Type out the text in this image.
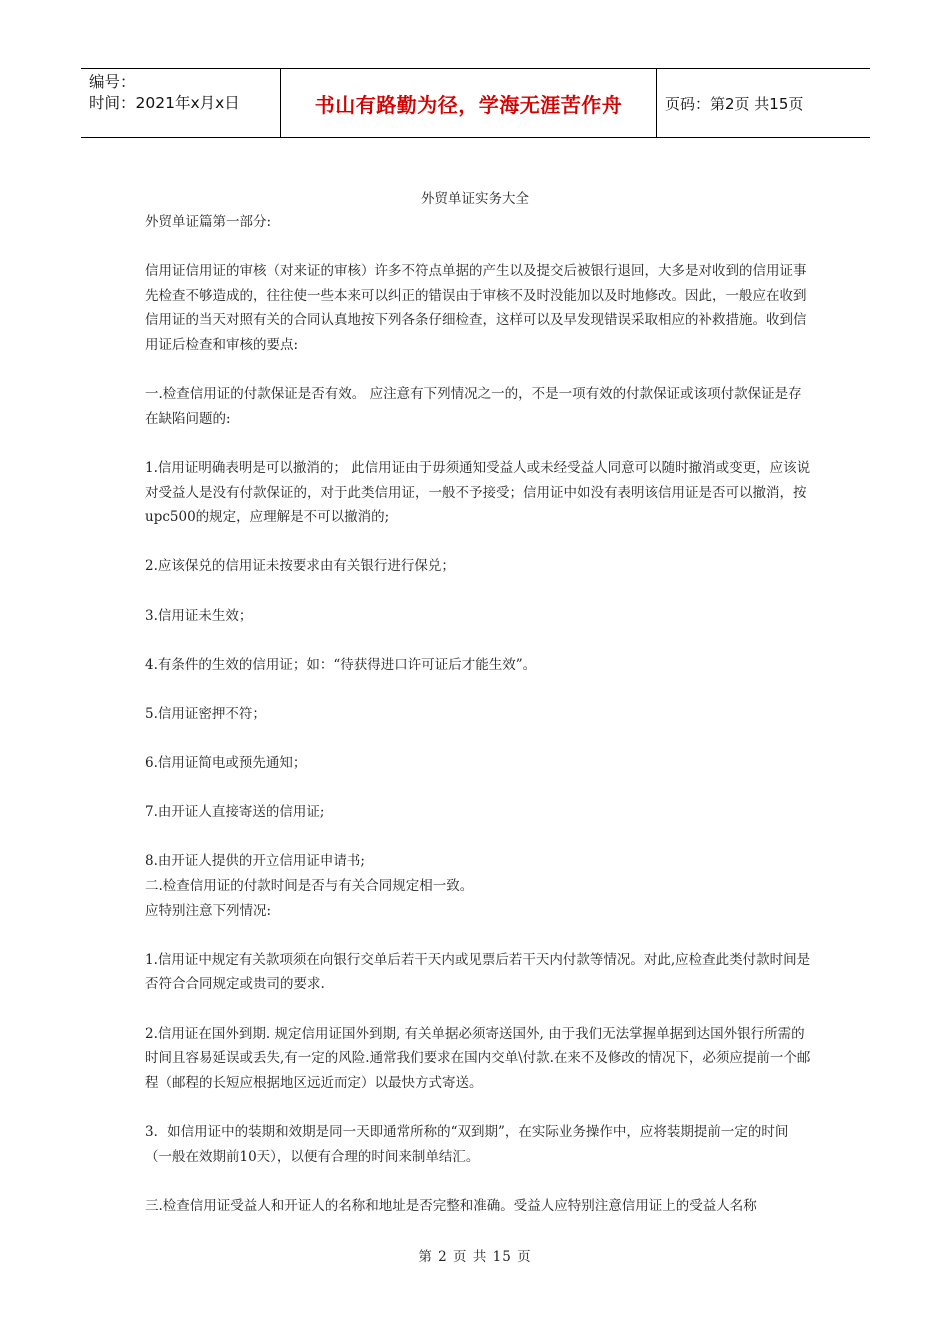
编号：
时间：2021年x月x日	书山有路勤为径，学海无涯苦作舟	页码：第2页 共15页
外贸单证实务大全

外贸单证篇第一部分:

信用证信用证的审核（对来证的审核）许多不符点单据的产生以及提交后被银行退回，大多是对收到的信用证事先检查不够造成的，往往使一些本来可以纠正的错误由于审核不及时没能加以及时地修改。因此，一般应在收到信用证的当天对照有关的合同认真地按下列各条仔细检查，这样可以及早发现错误采取相应的补救措施。收到信用证后检查和审核的要点:

一.检查信用证的付款保证是否有效。 应注意有下列情况之一的，不是一项有效的付款保证或该项付款保证是存在缺陷问题的:

1.信用证明确表明是可以撤消的； 此信用证由于毋须通知受益人或未经受益人同意可以随时撤消或变更，应该说对受益人是没有付款保证的，对于此类信用证，一般不予接受；信用证中如没有表明该信用证是否可以撤消，按 upc500的规定，应理解是不可以撤消的;

2.应该保兑的信用证未按要求由有关银行进行保兑；

3.信用证未生效；

4.有条件的生效的信用证；如：“待获得进口许可证后才能生效”。

5.信用证密押不符；

6.信用证简电或预先通知；

7.由开证人直接寄送的信用证;

8.由开证人提供的开立信用证申请书;

二.检查信用证的付款时间是否与有关合同规定相一致。

应特别注意下列情况:

1.信用证中规定有关款项须在向银行交单后若干天内或见票后若干天内付款等情况。对此,应检查此类付款时间是否符合合同规定或贵司的要求.

2.信用证在国外到期. 规定信用证国外到期, 有关单据必须寄送国外, 由于我们无法掌握单据到达国外银行所需的时间且容易延误或丢失,有一定的风险.通常我们要求在国内交单\付款.在来不及修改的情况下，必须应提前一个邮程（邮程的长短应根据地区远近而定）以最快方式寄送。

3．如信用证中的装期和效期是同一天即通常所称的“双到期”，在实际业务操作中，应将装期提前一定的时间（一般在效期前10天），以便有合理的时间来制单结汇。

三.检查信用证受益人和开证人的名称和地址是否完整和准确。受益人应特别注意信用证上的受益人名称

第 2 页 共 15 页
